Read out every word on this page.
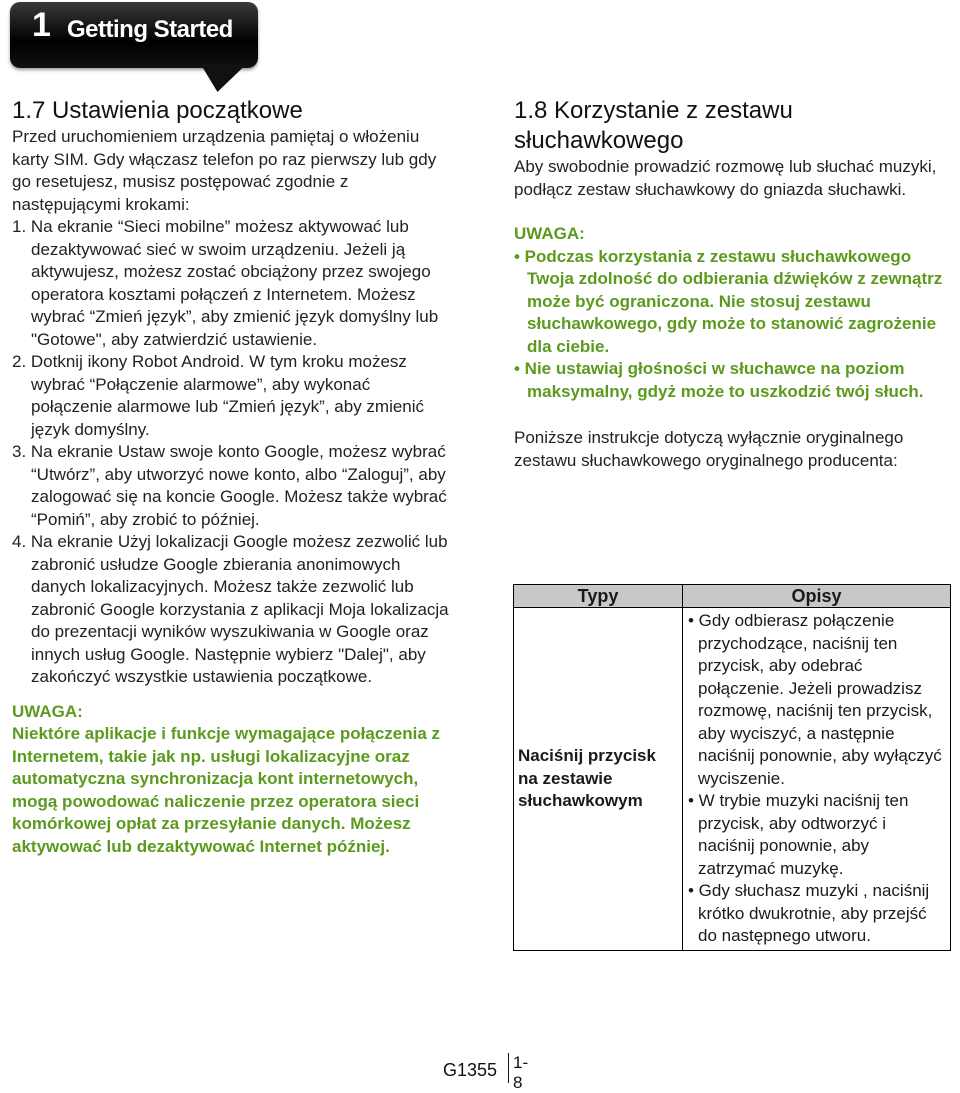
1 Getting Started
1.7 Ustawienia początkowe

Przed uruchomieniem urządzenia pamiętaj o włożeniu karty SIM. Gdy włączasz telefon po raz pierwszy lub gdy go resetujesz, musisz postępować zgodnie z następującymi krokami:

1. Na ekranie “Sieci mobilne” możesz aktywować lub dezaktywować sieć w swoim urządzeniu. Jeżeli ją aktywujesz, możesz zostać obciążony przez swojego operatora kosztami połączeń z Internetem. Możesz wybrać “Zmień język”, aby zmienić język domyślny lub "Gotowe", aby zatwierdzić ustawienie.

2. Dotknij ikony Robot Android. W tym kroku możesz wybrać “Połączenie alarmowe”, aby wykonać połączenie alarmowe lub “Zmień język”, aby zmienić język domyślny.

3. Na ekranie Ustaw swoje konto Google, możesz wybrać “Utwórz”, aby utworzyć nowe konto, albo “Zaloguj”, aby zalogować się na koncie Google. Możesz także wybrać “Pomiń”, aby zrobić to później.

4. Na ekranie Użyj lokalizacji Google możesz zezwolić lub zabronić usłudze Google zbierania anonimowych danych lokalizacyjnych. Możesz także zezwolić lub zabronić Google korzystania z aplikacji Moja lokalizacja do prezentacji wyników wyszukiwania w Google oraz innych usług Google. Następnie wybierz "Dalej", aby zakończyć wszystkie ustawienia początkowe.

UWAGA:

Niektóre aplikacje i funkcje wymagające połączenia z Internetem, takie jak np. usługi lokalizacyjne oraz automatyczna synchronizacja kont internetowych, mogą powodować naliczenie przez operatora sieci komórkowej opłat za przesyłanie danych. Możesz aktywować lub dezaktywować Internet później.

1.8 Korzystanie z zestawu słuchawkowego

Aby swobodnie prowadzić rozmowę lub słuchać muzyki, podłącz zestaw słuchawkowy do gniazda słuchawki.

UWAGA:

• Podczas korzystania z zestawu słuchawkowego Twoja zdolność do odbierania dźwięków z zewnątrz może być ograniczona. Nie stosuj zestawu słuchawkowego, gdy może to stanowić zagrożenie dla ciebie.

• Nie ustawiaj głośności w słuchawce na poziom maksymalny, gdyż może to uszkodzić twój słuch.

Poniższe instrukcje dotyczą wyłącznie oryginalnego zestawu słuchawkowego oryginalnego producenta:

Typy	Opisy
Naciśnij przycisk na zestawie słuchawkowym	• Gdy odbierasz połączenie przychodzące, naciśnij ten przycisk, aby odebrać połączenie. Jeżeli prowadzisz rozmowę, naciśnij ten przycisk, aby wyciszyć, a następnie naciśnij ponownie, aby wyłączyć wyciszenie.
• W trybie muzyki naciśnij ten przycisk, aby odtworzyć i naciśnij ponownie, aby zatrzymać muzykę.
• Gdy słuchasz muzyki , naciśnij krótko dwukrotnie, aby przejść do następnego utworu.
G1355 1-8
